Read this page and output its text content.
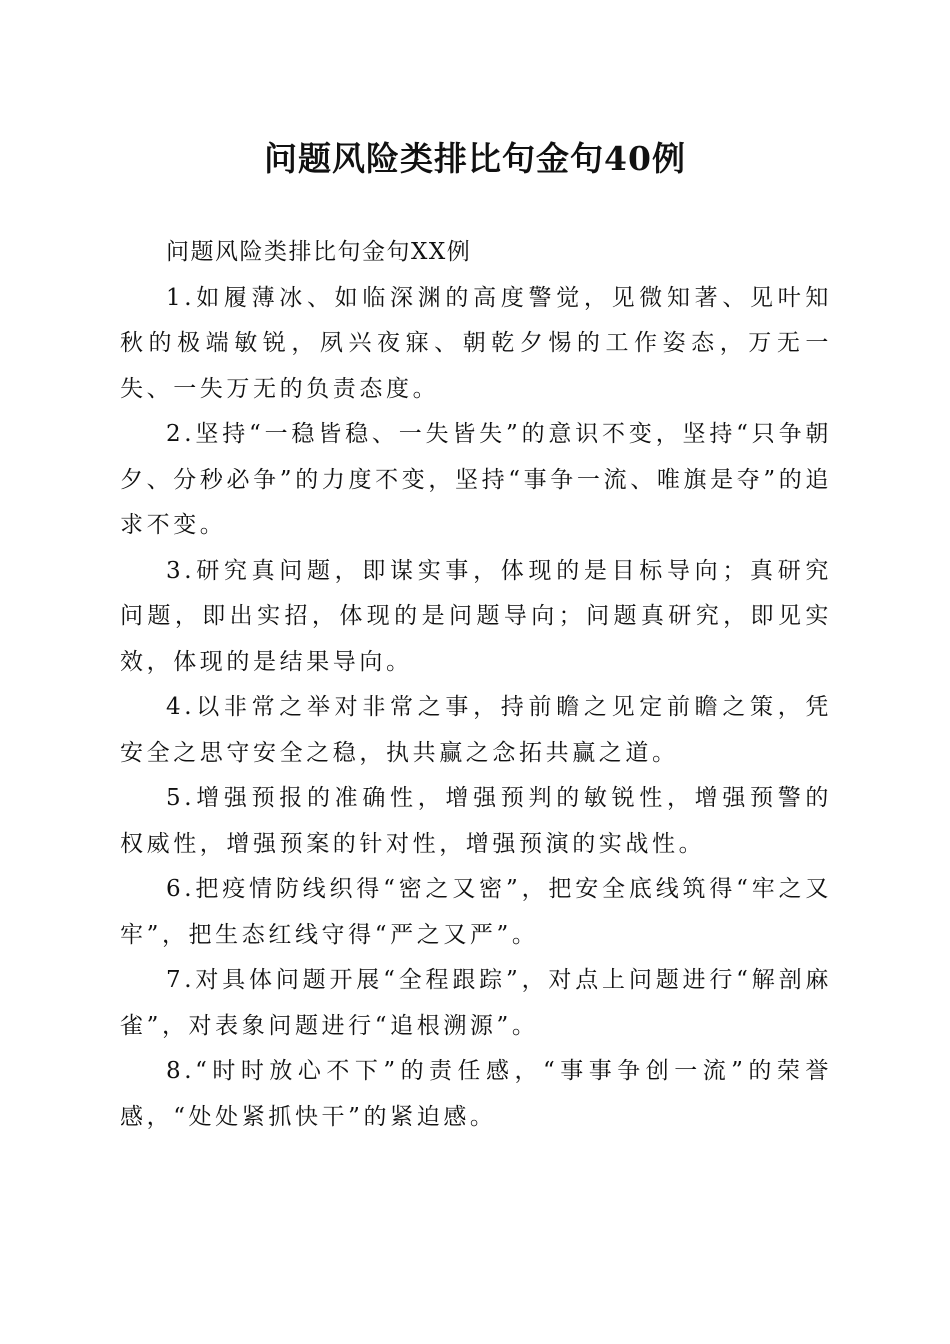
问题风险类排比句金句40例

问题风险类排比句金句XX例

1.如履薄冰、如临深渊的高度警觉，见微知著、见叶知秋的极端敏锐，夙兴夜寐、朝乾夕惕的工作姿态，万无一失、一失万无的负责态度。

2.坚持“一稳皆稳、一失皆失”的意识不变，坚持“只争朝夕、分秒必争”的力度不变，坚持“事争一流、唯旗是夺”的追求不变。

3.研究真问题，即谋实事，体现的是目标导向；真研究问题，即出实招，体现的是问题导向；问题真研究，即见实效，体现的是结果导向。

4.以非常之举对非常之事，持前瞻之见定前瞻之策，凭安全之思守安全之稳，执共赢之念拓共赢之道。

5.增强预报的准确性，增强预判的敏锐性，增强预警的权威性，增强预案的针对性，增强预演的实战性。

6.把疫情防线织得“密之又密”，把安全底线筑得“牢之又牢”，把生态红线守得“严之又严”。

7.对具体问题开展“全程跟踪”，对点上问题进行“解剖麻雀”，对表象问题进行“追根溯源”。

8.“时时放心不下”的责任感，“事事争创一流”的荣誉感，“处处紧抓快干”的紧迫感。
